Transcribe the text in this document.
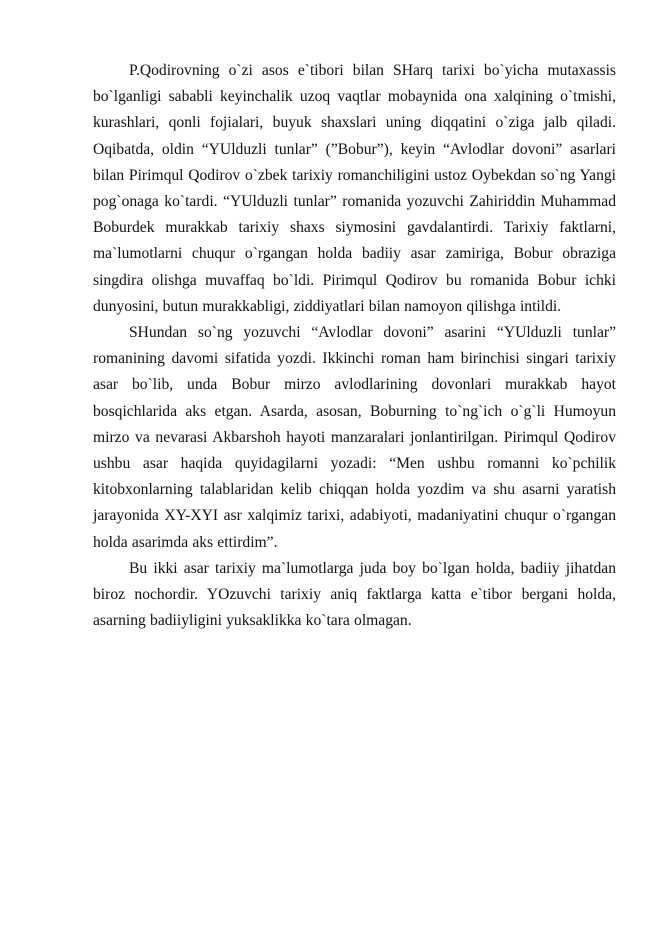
P.Qodirovning o`zi asos e`tibori bilan SHarq tarixi bo`yicha mutaxassis bo`lganligi sababli keyinchalik uzoq vaqtlar mobaynida ona xalqining o`tmishi, kurashlari, qonli fojialari, buyuk shaxslari uning diqqatini o`ziga jalb qiladi. Oqibatda, oldin “YUlduzli tunlar” (”Bobur”), keyin “Avlodlar dovoni” asarlari bilan Pirimqul Qodirov o`zbek tarixiy romanchiligini ustoz Oybekdan so`ng Yangi pog`onaga ko`tardi. “YUlduzli tunlar” romanida yozuvchi Zahiriddin Muhammad Boburdek murakkab tarixiy shaxs siymosini gavdalantirdi. Tarixiy faktlarni, ma`lumotlarni chuqur o`rgangan holda badiiy asar zamiriga, Bobur obraziga singdira olishga muvaffaq bo`ldi. Pirimqul Qodirov bu romanida Bobur ichki dunyosini, butun murakkabligi, ziddiyatlari bilan namoyon qilishga intildi.

SHundan so`ng yozuvchi “Avlodlar dovoni” asarini “YUlduzli tunlar” romanining davomi sifatida yozdi. Ikkinchi roman ham birinchisi singari tarixiy asar bo`lib, unda Bobur mirzo avlodlarining dovonlari murakkab hayot bosqichlarida aks etgan. Asarda, asosan, Boburning to`ng`ich o`g`li Humoyun mirzo va nevarasi Akbarshoh hayoti manzaralari jonlantirilgan. Pirimqul Qodirov ushbu asar haqida quyidagilarni yozadi: “Men ushbu romanni ko`pchilik kitobxonlarning talablaridan kelib chiqqan holda yozdim va shu asarni yaratish jarayonida XY-XYI asr xalqimiz tarixi, adabiyoti, madaniyatini chuqur o`rgangan holda asarimda aks ettirdim”.

Bu ikki asar tarixiy ma`lumotlarga juda boy bo`lgan holda, badiiy jihatdan biroz nochordir. YOzuvchi tarixiy aniq faktlarga katta e`tibor bergani holda, asarning badiiyligini yuksaklikka ko`tara olmagan.
